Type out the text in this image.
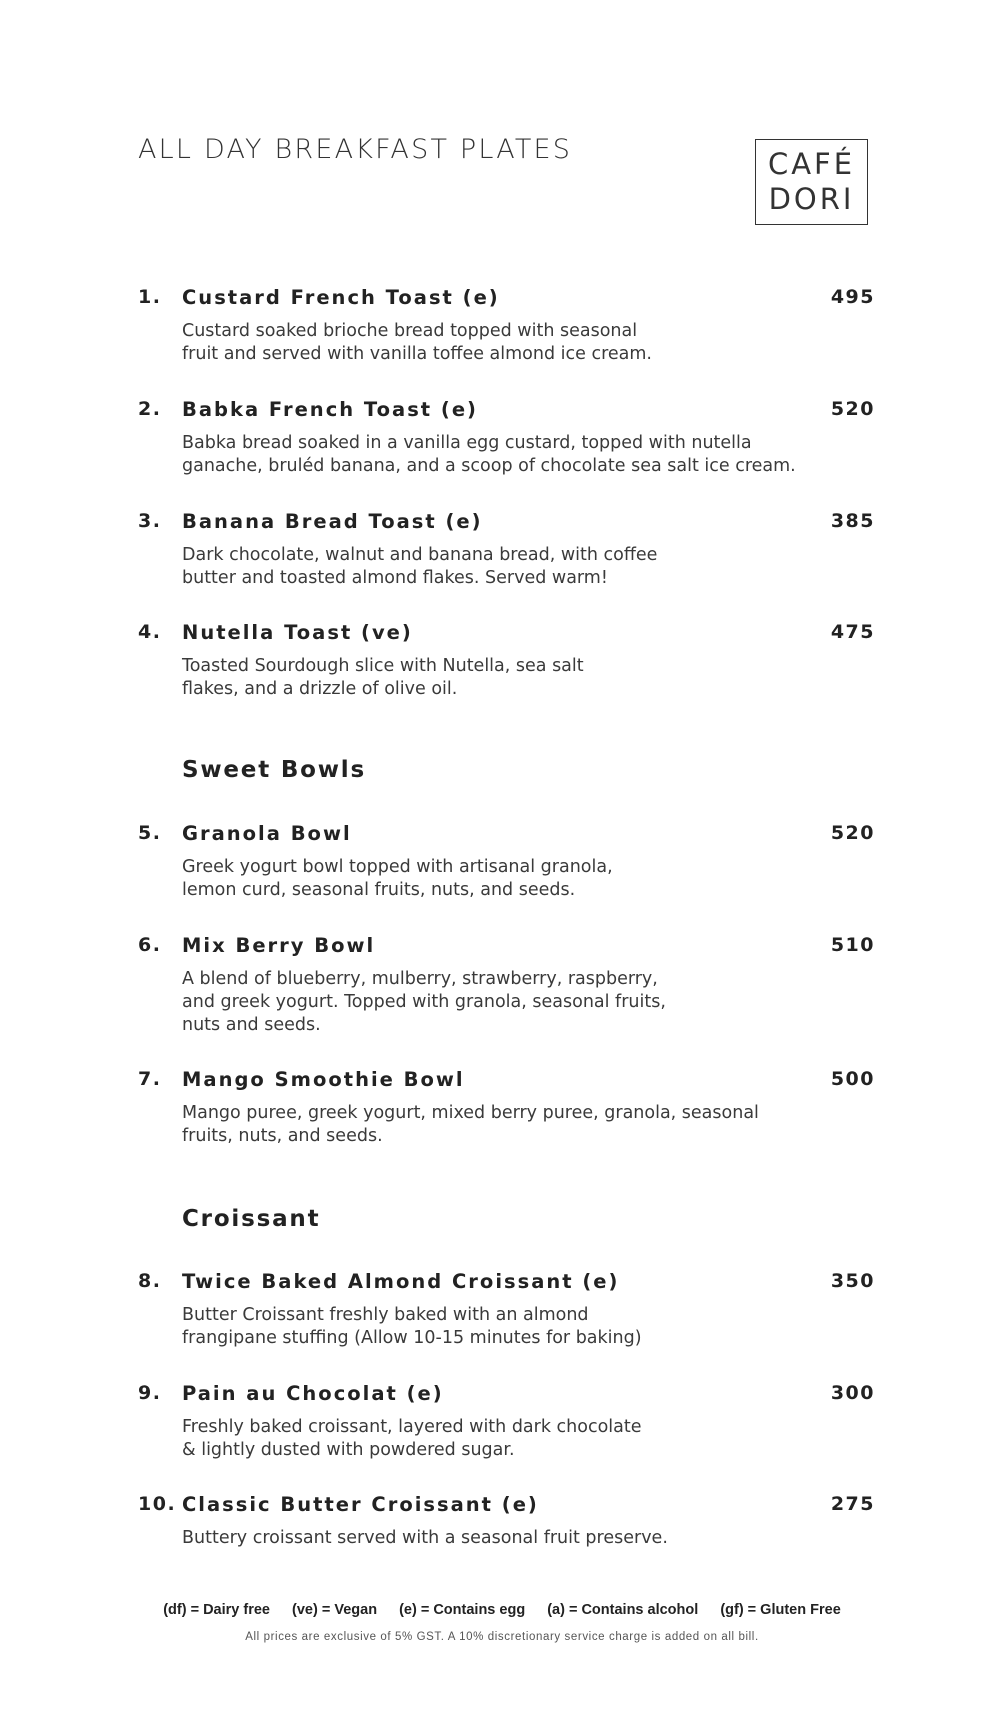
ALL DAY BREAKFAST PLATES	CAFÉ
DORI
1. Custard French Toast (e)	495
Custard soaked brioche bread topped with seasonal
fruit and served with vanilla toffee almond ice cream.
2. Babka French Toast (e)	520
Babka bread soaked in a vanilla egg custard, topped with nutella
ganache, bruléd banana, and a scoop of chocolate sea salt ice cream.
3. Banana Bread Toast (e)	385
Dark chocolate, walnut and banana bread, with coffee
butter and toasted almond flakes. Served warm!
4. Nutella Toast (ve)	475
Toasted Sourdough slice with Nutella, sea salt
flakes, and a drizzle of olive oil.
Sweet Bowls
5. Granola Bowl	520
Greek yogurt bowl topped with artisanal granola,
lemon curd, seasonal fruits, nuts, and seeds.
6. Mix Berry Bowl	510
A blend of blueberry, mulberry, strawberry, raspberry,
and greek yogurt. Topped with granola, seasonal fruits,
nuts and seeds.
7. Mango Smoothie Bowl	500
Mango puree, greek yogurt, mixed berry puree, granola, seasonal
fruits, nuts, and seeds.
Croissant
8. Twice Baked Almond Croissant (e)	350
Butter Croissant freshly baked with an almond
frangipane stuffing (Allow 10-15 minutes for baking)
9. Pain au Chocolat (e)	300
Freshly baked croissant, layered with dark chocolate
& lightly dusted with powdered sugar.
10. Classic Butter Croissant (e)	275
Buttery croissant served with a seasonal fruit preserve.
(df) = Dairy free (ve) = Vegan (e) = Contains egg (a) = Contains alcohol (gf) = Gluten Free
All prices are exclusive of 5% GST. A 10% discretionary service charge is added on all bill.
